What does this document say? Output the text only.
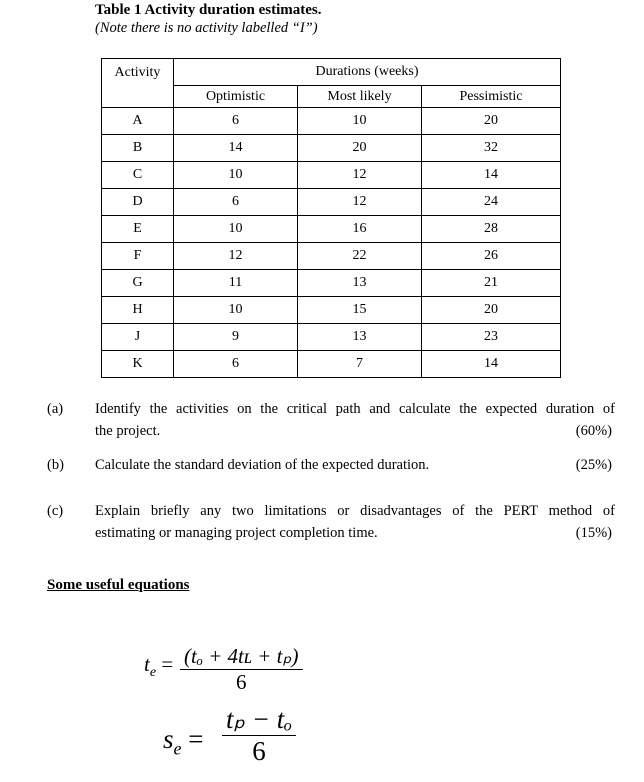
Table 1 Activity duration estimates.
(Note there is no activity labelled “I”)
Activity	Durations (weeks)		
	Optimistic	Most likely	Pessimistic
A	6	10	20
B	14	20	32
C	10	12	14
D	6	12	24
E	10	16	28
F	12	22	26
G	11	13	21
H	10	15	20
J	9	13	23
K	6	7	14
(a) Identify the activities on the critical path and calculate the expected duration of
the project.	(60%)
(b) Calculate the standard deviation of the expected duration.	(25%)
(c) Explain briefly any two limitations or disadvantages of the PERT method of
estimating or managing project completion time.	(15%)
Some useful equations
$t_e = \frac{\text{(tₒ + 4tʟ + tₚ)}}{6}$
$s_e = \frac{\text{tₚ − tₒ}}{6}$
